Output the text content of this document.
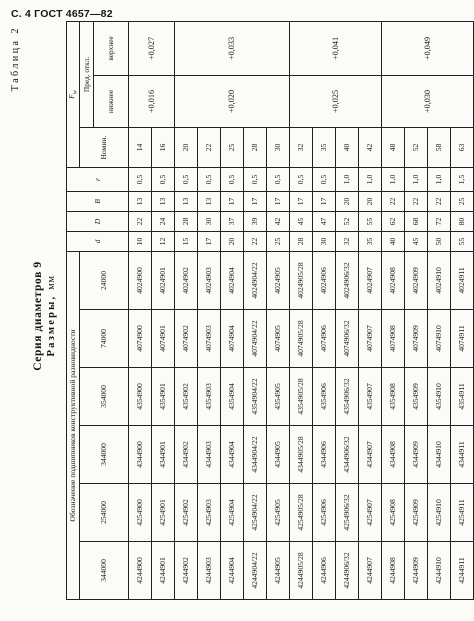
С. 4 ГОСТ 4657—82
Таблица 2
Серия диаметров 9 Размеры, мм
Обозначение подшипников конструктивной разновидности						d	D	B	r	$F_w$
344000	254000	344000	354000	74000	24000					Номин.	Пред. откл.	
											нижнее	верхнее
4244900	4254900	4344900	4354900	4074900	4024900	10	22	13	0,5	14	+0,016	+0,027
4244901	4254901	4344901	4354901	4074901	4024901	12	24	13	0,5	16		
4244902	4254902	4344902	4354902	4074902	4024902	15	28	13	0,5	20	+0,020	+0,033
4244903	4254903	4344903	4354903	4074903	4024903	17	30	13	0,5	22		
4244904	4254904	4344904	4354904	4074904	4024904	20	37	17	0,5	25		
4244904/22	4254904/22	4344904/22	4354904/22	4074904/22	4024904/22	22	39	17	0,5	28		
4244905	4254905	4344905	4354905	4074905	4024905	25	42	17	0,5	30		
4244905/28	4254905/28	4344905/28	4354905/28	4074905/28	4024905/28	28	45	17	0,5	32	+0,025	+0,041
4244906	4254906	4344906	4354906	4074906	4024906	30	47	17	0,5	35		
4244906/32	4254906/32	4344906/32	4354906/32	4074906/32	4024906/32	32	52	20	1,0	40		
4244907	4254907	4344907	4354907	4074907	4024907	35	55	20	1,0	42		
4244908	4254908	4344908	4354908	4074908	4024908	40	62	22	1,0	48	+0,030	+0,049
4244909	4254909	4344909	4354909	4074909	4024909	45	68	22	1,0	52		
4244910	4254910	4344910	4354910	4074910	4024910	50	72	22	1,0	58		
4244911	4254911	4344911	4354911	4074911	4024911	55	80	25	1,5	63		
